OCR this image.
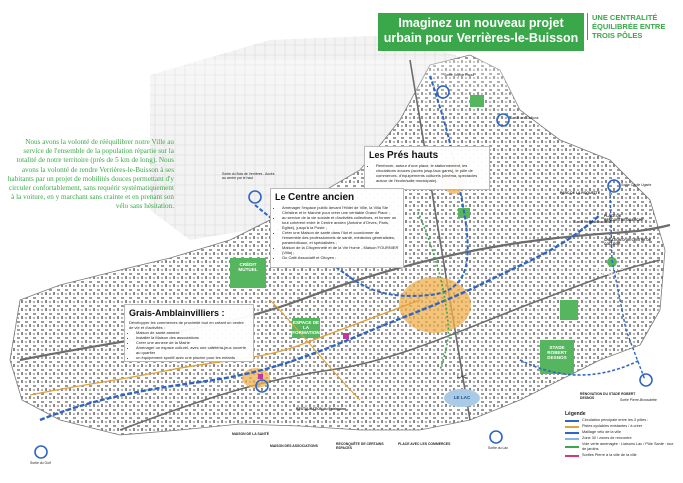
Imaginez un nouveau projet urbain pour Verrières-le-Buisson
UNE CENTRALITÉ ÉQUILIBRÉE ENTRE TROIS PÔLES
Nous avons la volonté de rééquilibrer notre Ville au service de l'ensemble de la population répartie sur la totalité de notre territoire (près de 5 km de long). Nous avons la volonté de rendre Verrières-le-Buisson à ses habitants par un projet de mobilités douces permettant d'y circuler confortablement, sans requérir systématiquement à la voiture, en y marchant sans crainte et en prenant son vélo sans hésitation.
Les Prés hauts
• Renforcer, autour d'une place, le stationnement, les circulations douces (accès jusqu'aux gares), le pôle de commerces, d'équipements culturels (cinéma, spectacles autour de l'école/salle municipale).
Le Centre ancien
• Aménager l'espace public devant l'Hôtel de Ville, la Villa Ste Christine et le Marché pour créer une véritable Grand Place ;
• au service de la vie sociale et d'activités collectives, et former un tout cohérent entre le Centre ancien (Antoine d'Orves, Paris, Eglise), jusqu'à la Poste ;
• Créer une Maison de santé dans l'ilot et coordonner de l'ensemble des professionnels de santé, médecins généralistes, paramédicaux, et spécialistes ;
• Maison de la Citoyenneté et de la Vie Home - Maison FOURNIER (Villa) ;
• Ou Café Associatif et Citoyen ;
Grais-Amblainvilliers :
Développer les commerces de proximité tout en créant un centre de vie et d'activités :
• Maison de santé annexe
• Installer la Maison des associations
• Créer une annexe de la Mairie
• Aménager un espace culturel, avec une cafétéria-jeux ouverte au quartier
• un équipement sportif avec une piscine pour les enfants
CRÉDIT MUTUEL
ESPACE DE LA FORMATION
STADE ROBERT DESNOS
LES PETITS RUISSEAUX
LAC
LE LAC
Sortie du Bois de Verrières - Accès au centre par le haut
Sortie Sophie Raoul
Sortie des Gaillons
Sortie Cécile Ugarte
Sortie Pierre-Brossolette
PARC DE LA ROQUETTE
PLACE DE RENCONTRES/MARCHE
CRÉATION D'UN CENTRE DE COLLÈGE
RÉNOVATION DU STADE ROBERT DESNOS
RESTAURATION du Patrimoine
MAISON DE LA SANTÉ
MAISON DES ASSOCIATIONS	RECONQUÊTE DE CERTAINS ESPACES
PLACE AVEC LES COMMERCES
Sortie du Golf
Sortie du Lac
Sortie Pierre-Brossolette
Légende
Circulation principale entre les 3 pôles :
Pistes cyclables existantes / à créer
Maillage vélo de la ville
Zone 30 / zones de rencontre
Voie verte aménagée : Liaisons Lac / Pôle Santé : tour de jardins
Sorties Pierre à la ville de la ville
